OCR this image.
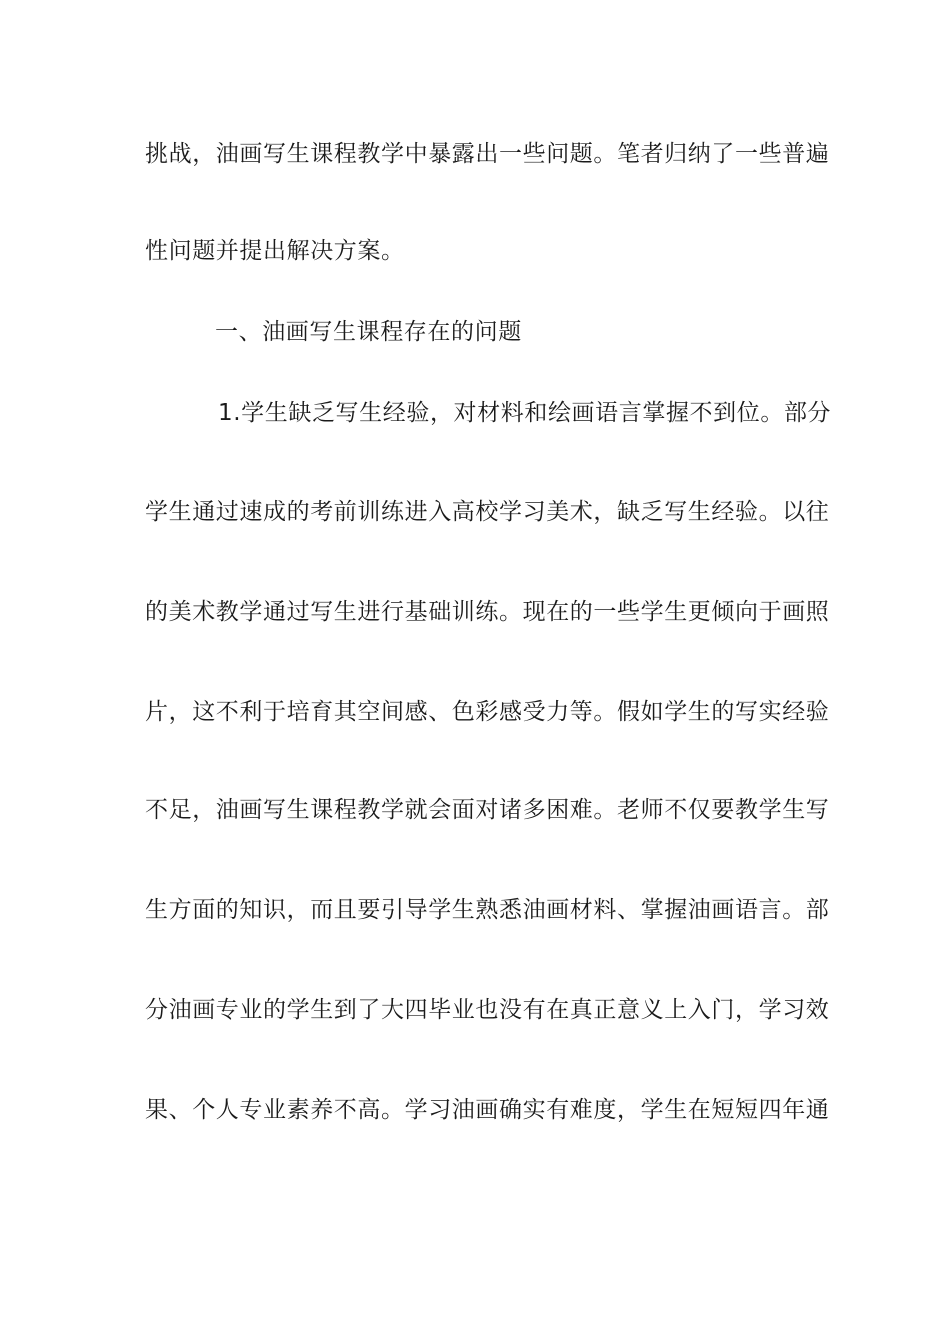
挑战，油画写生课程教学中暴露出一些问题。笔者归纳了一些普遍
性问题并提出解决方案。
一、油画写生课程存在的问题
1.学生缺乏写生经验，对材料和绘画语言掌握不到位。部分
学生通过速成的考前训练进入高校学习美术，缺乏写生经验。以往
的美术教学通过写生进行基础训练。现在的一些学生更倾向于画照
片，这不利于培育其空间感、色彩感受力等。假如学生的写实经验
不足，油画写生课程教学就会面对诸多困难。老师不仅要教学生写
生方面的知识，而且要引导学生熟悉油画材料、掌握油画语言。部
分油画专业的学生到了大四毕业也没有在真正意义上入门，学习效
果、个人专业素养不高。学习油画确实有难度，学生在短短四年通
